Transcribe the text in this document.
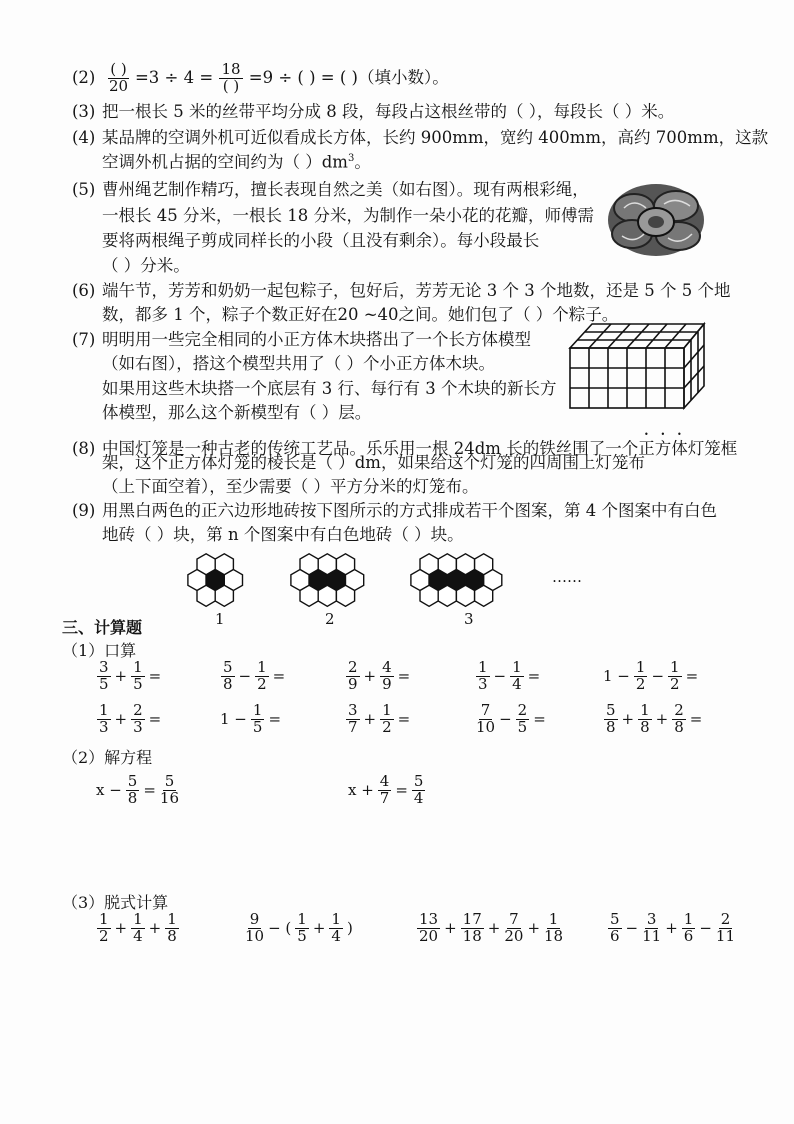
$(2) \frac{( )}{20} =3 \div 4 = \frac{18}{( )} =9$ ÷ ( ) = ( )（填小数）。
(3) 把一根长 5 米的丝带平均分成 8 段，每段占这根丝带的（ ），每段长（ ）米。
(4) 某品牌的空调外机可近似看成长方体，长约 900mm，宽约 400mm，高约 700mm，这款
空调外机占据的空间约为（ ）$dm^3$。
(5) 曹州绳艺制作精巧，擅长表现自然之美（如右图）。现有两根彩绳，
一根长 45 分米，一根长 18 分米，为制作一朵小花的花瓣，师傅需
要将两根绳子剪成同样长的小段（且没有剩余）。每小段最长
（ ）分米。
(6) 端午节，芳芳和奶奶一起包粽子，包好后，芳芳无论 3 个 3 个地数，还是 5 个 5 个地
数，都多 1 个，粽子个数正好在20 ~40之间。她们包了（ ）个粽子。
(7) 明明用一些完全相同的小正方体木块搭出了一个长方体模型
（如右图），搭这个模型共用了（ ）个小正方体木块。
如果用这些木块搭一个底层有 3 行、每行有 3 个木块的新长方
体模型，那么这个新模型有（ ）层。
(8) 中国灯笼是一种古老的传统工艺品。乐乐用一根 24dm 长的铁丝围了一个正方体灯笼框
架，这个正方体灯笼的棱长是（ ）dm，如果给这个灯笼的四周围上灯笼布
（上下面空着），至少需要（ ）平方分米的灯笼布。
(9) 用黑白两色的正六边形地砖按下图所示的方式排成若干个图案，第 4 个图案中有白色
地砖（ ）块，第 n 个图案中有白色地砖（ ）块。
1	2	3
……
三、计算题
（1）口算
（2）解方程
（3）脱式计算
$\frac{3}{5} + \frac{1}{5}$ =	$\frac{5}{8} - \frac{1}{2}$ =	$\frac{2}{9} + \frac{4}{9}$ =	$\frac{1}{3} - \frac{1}{4}$ =	$1 - \frac{1}{2} - \frac{1}{2}$ =
$\frac{1}{3} + \frac{2}{3}$ =	$1 - \frac{1}{5}$ =	$\frac{3}{7} + \frac{1}{2}$ =	$\frac{7}{10} - \frac{2}{5}$ =	$\frac{5}{8} + \frac{1}{8} + \frac{2}{8}$ =
$x - \frac{5}{8} = \frac{5}{16}$	$x + \frac{4}{7} = \frac{5}{4}$
$\frac{1}{2} + \frac{1}{4} + \frac{1}{8}$	$\frac{9}{10}$ − ( $\frac{1}{5} + \frac{1}{4}$ )	$\frac{13}{20} + \frac{17}{18} + \frac{7}{20} + \frac{1}{18}$	$\frac{5}{6} - \frac{3}{11} + \frac{1}{6} - \frac{2}{11}$
